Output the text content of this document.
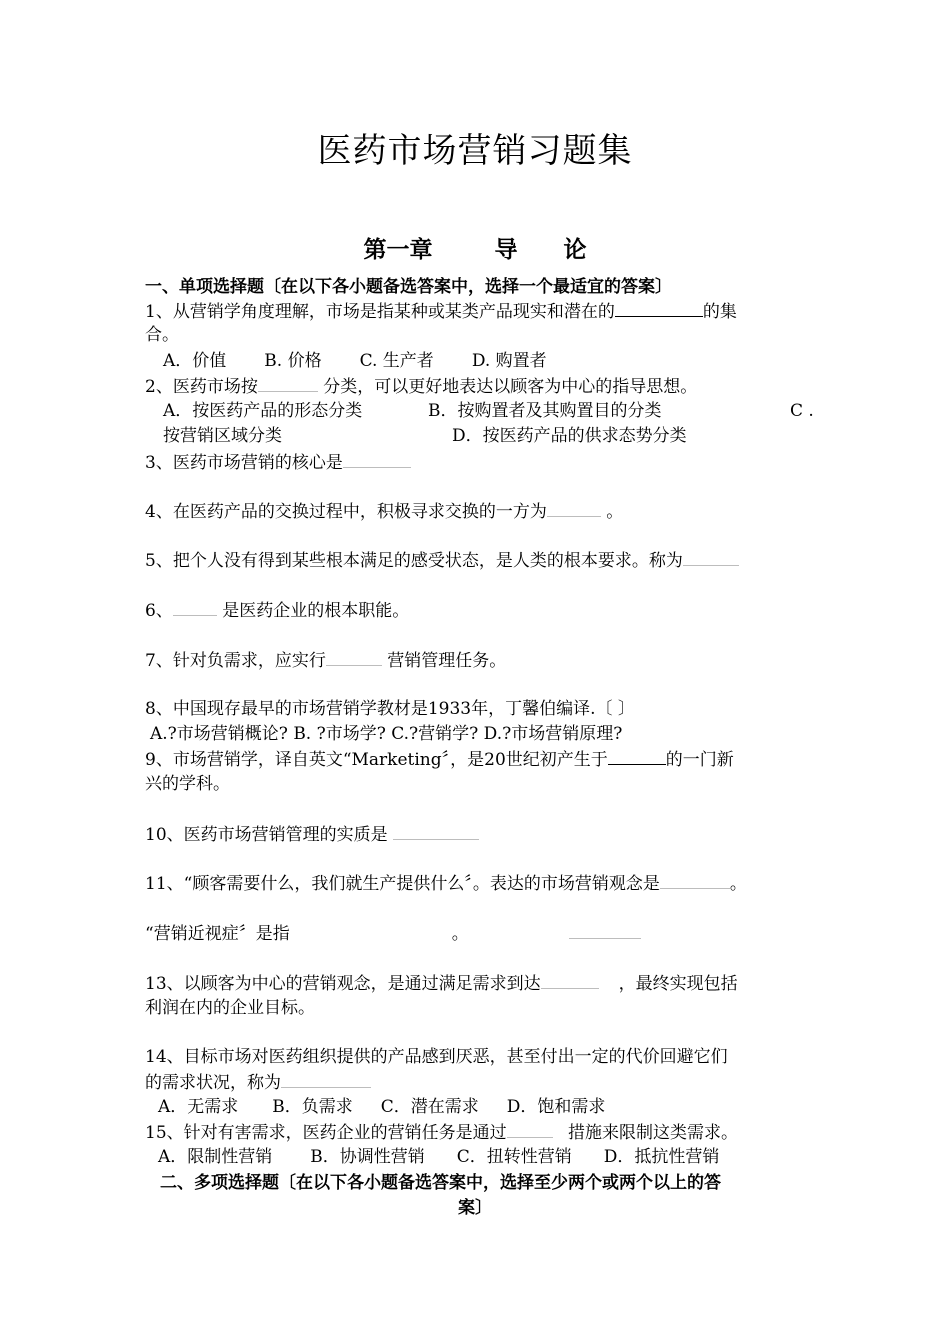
医药市场营销习题集
第一章	导 论
一、单项选择题〔在以下各小题备选答案中，选择一个最适宜的答案〕
1、从营销学角度理解，市场是指某种或某类产品现实和潜在的	的集
合。
A．价值 B. 价格 C. 生产者 D. 购置者
2、医药市场按	分类，可以更好地表达以顾客为中心的指导思想。
A．按医药产品的形态分类	B．按购置者及其购置目的分类	C .
按营销区域分类	D．按医药产品的供求态势分类
3、医药市场营销的核心是
4、在医药产品的交换过程中，积极寻求交换的一方为	。
5、把个人没有得到某些根本满足的感受状态，是人类的根本要求。称为
6、	是医药企业的根本职能。
7、针对负需求，应实行	营销管理任务。
8、中国现存最早的市场营销学教材是1933年，丁馨伯编译.〔 〕
A.?市场营销概论? B. ?市场学? C.?营销学? D.?市场营销原理?
9、市场营销学，译自英文“Marketing〞，是20世纪初产生于	的一门新
兴的学科。
10、医药市场营销管理的实质是
11、“顾客需要什么，我们就生产提供什么〞。表达的市场营销观念是	。
“营销近视症〞是指	。
13、以顾客为中心的营销观念，是通过满足需求到达	，最终实现包括
利润在内的企业目标。
14、目标市场对医药组织提供的产品感到厌恶，甚至付出一定的代价回避它们
的需求状况，称为
A．无需求 B．负需求 C．潜在需求 D．饱和需求
15、针对有害需求，医药企业的营销任务是通过	措施来限制这类需求。
A．限制性营销 B．协调性营销 C．扭转性营销 D．抵抗性营销
二、多项选择题〔在以下各小题备选答案中，选择至少两个或两个以上的答
案〕
